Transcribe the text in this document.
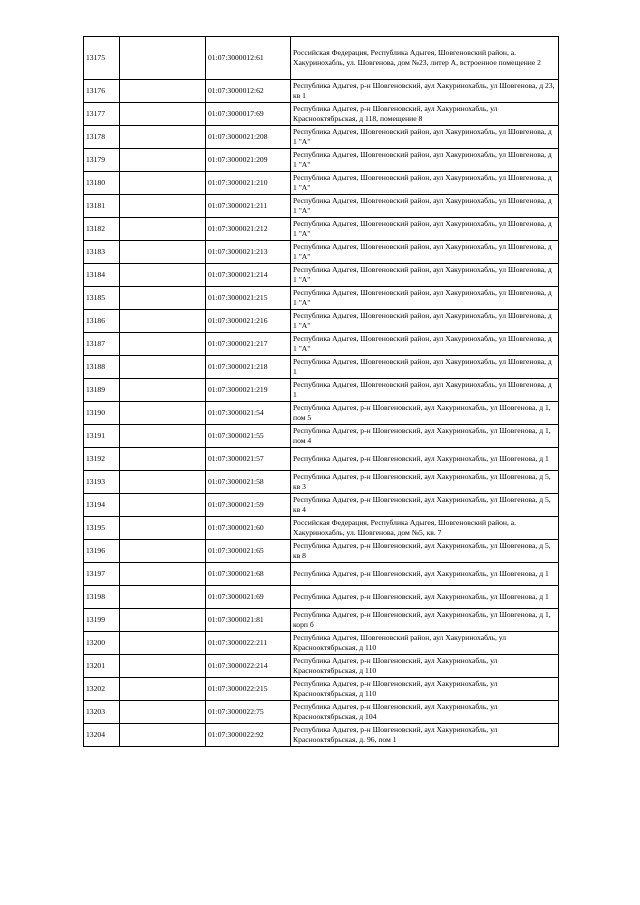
13175		01:07:3000012:61	Российская Федерация, Республика Адыгея, Шовгеновский район, а. Хакуринохабль, ул. Шовгенова, дом №23, литер А, встроенное помещение 2
13176		01:07:3000012:62	Республика Адыгея, р-н Шовгеновский, аул Хакуринохабль, ул Шовгенова, д 23, кв 1
13177		01:07:3000017:69	Республика Адыгея, р-н Шовгеновский, аул Хакуринохабль, ул Краснооктябрьская, д 118, помещение 8
13178		01:07:3000021:208	Республика Адыгея, Шовгеновский район, аул Хакуринохабль, ул Шовгенова, д 1 "А"
13179		01:07:3000021:209	Республика Адыгея, Шовгеновский район, аул Хакуринохабль, ул Шовгенова, д 1 "А"
13180		01:07:3000021:210	Республика Адыгея, Шовгеновский район, аул Хакуринохабль, ул Шовгенова, д 1 "А"
13181		01:07:3000021:211	Республика Адыгея, Шовгеновский район, аул Хакуринохабль, ул Шовгенова, д 1 "А"
13182		01:07:3000021:212	Республика Адыгея, Шовгеновский район, аул Хакуринохабль, ул Шовгенова, д 1 "А"
13183		01:07:3000021:213	Республика Адыгея, Шовгеновский район, аул Хакуринохабль, ул Шовгенова, д 1 "А"
13184		01:07:3000021:214	Республика Адыгея, Шовгеновский район, аул Хакуринохабль, ул Шовгенова, д 1 "А"
13185		01:07:3000021:215	Республика Адыгея, Шовгеновский район, аул Хакуринохабль, ул Шовгенова, д 1 "А"
13186		01:07:3000021:216	Республика Адыгея, Шовгеновский район, аул Хакуринохабль, ул Шовгенова, д 1 "А"
13187		01:07:3000021:217	Республика Адыгея, Шовгеновский район, аул Хакуринохабль, ул Шовгенова, д 1 "А"
13188		01:07:3000021:218	Республика Адыгея, Шовгеновский район, аул Хакуринохабль, ул Шовгенова, д 1
13189		01:07:3000021:219	Республика Адыгея, Шовгеновский район, аул Хакуринохабль, ул Шовгенова, д 1
13190		01:07:3000021:54	Республика Адыгея, р-н Шовгеновский, аул Хакуринохабль, ул Шовгенова, д 1, пом 5
13191		01:07:3000021:55	Республика Адыгея, р-н Шовгеновский, аул Хакуринохабль, ул Шовгенова, д 1, пом 4
13192		01:07:3000021:57	Республика Адыгея, р-н Шовгеновский, аул Хакуринохабль, ул Шовгенова, д 1
13193		01:07:3000021:58	Республика Адыгея, р-н Шовгеновский, аул Хакуринохабль, ул Шовгенова, д 5, кв 3
13194		01:07:3000021:59	Республика Адыгея, р-н Шовгеновский, аул Хакуринохабль, ул Шовгенова, д 5, кв 4
13195		01:07:3000021:60	Российская Федерация, Республика Адыгея, Шовгеновский район, а. Хакуринохабль, ул. Шовгенова, дом №5, кв. 7
13196		01:07:3000021:65	Республика Адыгея, р-н Шовгеновский, аул Хакуринохабль, ул Шовгенова, д 5, кв 8
13197		01:07:3000021:68	Республика Адыгея, р-н Шовгеновский, аул Хакуринохабль, ул Шовгенова, д 1
13198		01:07:3000021:69	Республика Адыгея, р-н Шовгеновский, аул Хакуринохабль, ул Шовгенова, д 1
13199		01:07:3000021:81	Республика Адыгея, р-н Шовгеновский, аул Хакуринохабль, ул Шовгенова, д 1, корп б
13200		01:07:3000022:211	Республика Адыгея, Шовгеновский район, аул Хакуринохабль, ул Краснооктябрьская, д 110
13201		01:07:3000022:214	Республика Адыгея, р-н Шовгеновский, аул Хакуринохабль, ул Краснооктябрьская, д 110
13202		01:07:3000022:215	Республика Адыгея, р-н Шовгеновский, аул Хакуринохабль, ул Краснооктябрьская, д 110
13203		01:07:3000022:75	Республика Адыгея, р-н Шовгеновский, аул Хакуринохабль, ул Краснооктябрьская, д 104
13204		01:07:3000022:92	Республика Адыгея, р-н Шовгеновский, аул Хакуринохабль, ул Краснооктябрьская, д. 96, пом 1
